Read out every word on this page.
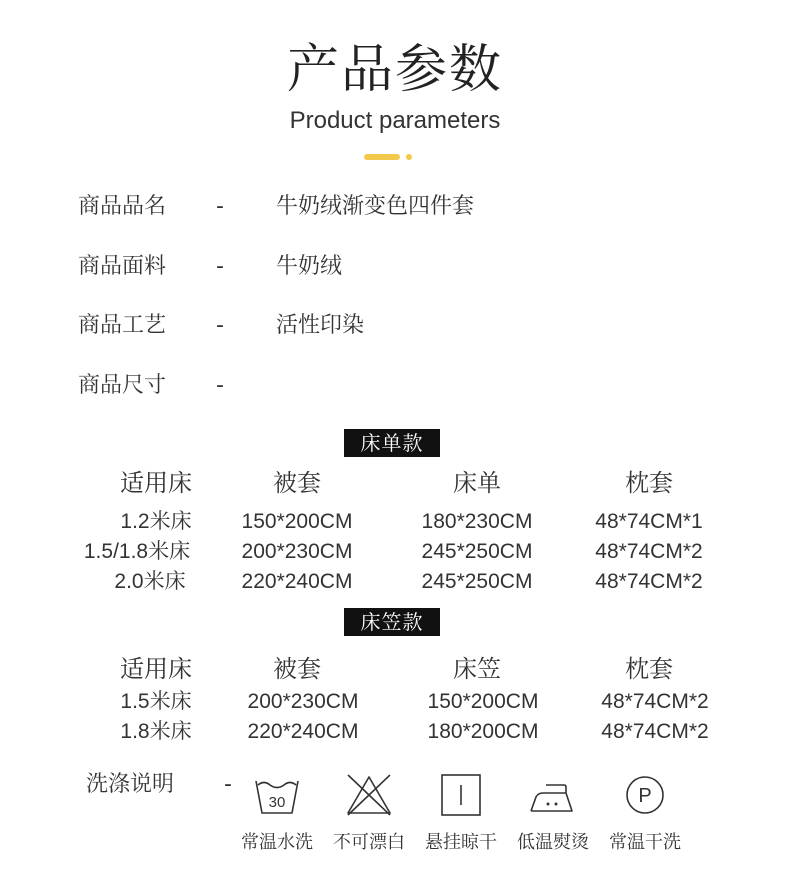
产品参数
Product parameters
商品品名	- 牛奶绒渐变色四件套
商品面料	- 牛奶绒
商品工艺	- 活性印染
商品尺寸	-
床单款
适用床	被套	床单	枕套
1.2米床	150*200CM	180*230CM	48*74CM*1
1.5/1.8米床	200*230CM	245*250CM	48*74CM*2
2.0米床	220*240CM	245*250CM	48*74CM*2
床笠款
适用床	被套	床笠	枕套
1.5米床	200*230CM	150*200CM	48*74CM*2
1.8米床	220*240CM	180*200CM	48*74CM*2
洗涤说明 -
30
常温水洗	不可漂白	悬挂晾干	低温熨烫
P
常温干洗
